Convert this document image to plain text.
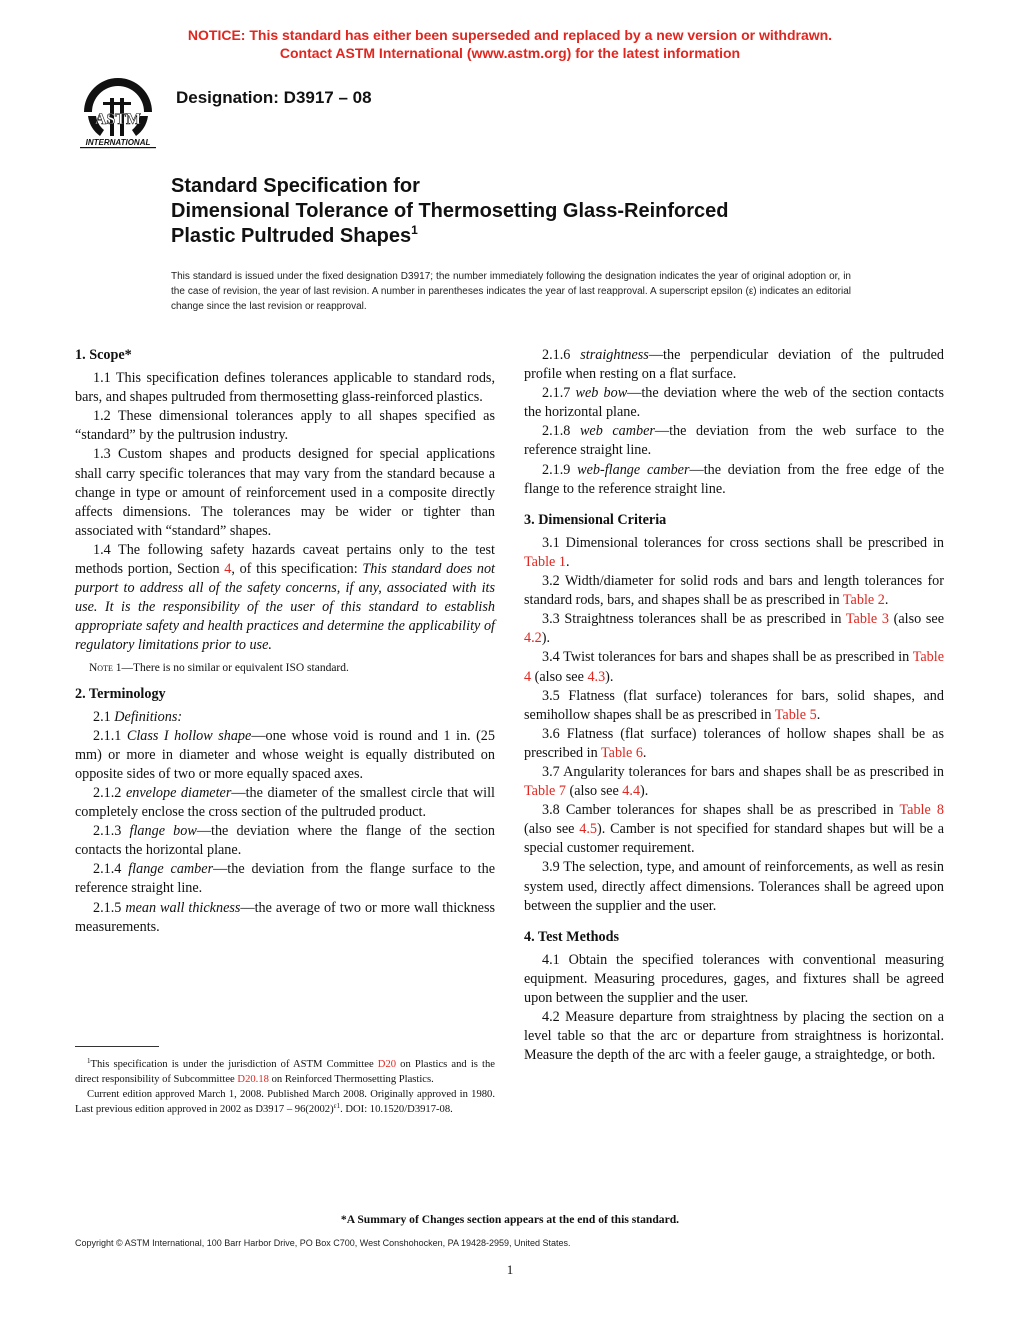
NOTICE: This standard has either been superseded and replaced by a new version or withdrawn.
Contact ASTM International (www.astm.org) for the latest information
ASTM
INTERNATIONAL
Designation: D3917 – 08
Standard Specification for
Dimensional Tolerance of Thermosetting Glass-Reinforced
Plastic Pultruded Shapes$^1$
This standard is issued under the fixed designation D3917; the number immediately following the designation indicates the year of original adoption or, in the case of revision, the year of last revision. A number in parentheses indicates the year of last reapproval. A superscript epsilon (ε) indicates an editorial change since the last revision or reapproval.

1. Scope*

1.1 This specification defines tolerances applicable to standard rods, bars, and shapes pultruded from thermosetting glass-reinforced plastics.

1.2 These dimensional tolerances apply to all shapes specified as “standard” by the pultrusion industry.

1.3 Custom shapes and products designed for special applications shall carry specific tolerances that may vary from the standard because a change in type or amount of reinforcement used in a composite directly affects dimensions. The tolerances may be wider or tighter than associated with “standard” shapes.

1.4 The following safety hazards caveat pertains only to the test methods portion, Section 4, of this specification: This standard does not purport to address all of the safety concerns, if any, associated with its use. It is the responsibility of the user of this standard to establish appropriate safety and health practices and determine the applicability of regulatory limitations prior to use.

Note 1—There is no similar or equivalent ISO standard.

2. Terminology

2.1 Definitions:

2.1.1 Class I hollow shape—one whose void is round and 1 in. (25 mm) or more in diameter and whose weight is equally distributed on opposite sides of two or more equally spaced axes.

2.1.2 envelope diameter—the diameter of the smallest circle that will completely enclose the cross section of the pultruded product.

2.1.3 flange bow—the deviation where the flange of the section contacts the horizontal plane.

2.1.4 flange camber—the deviation from the flange surface to the reference straight line.

2.1.5 mean wall thickness—the average of two or more wall thickness measurements.

2.1.6 straightness—the perpendicular deviation of the pultruded profile when resting on a flat surface.

2.1.7 web bow—the deviation where the web of the section contacts the horizontal plane.

2.1.8 web camber—the deviation from the web surface to the reference straight line.

2.1.9 web-flange camber—the deviation from the free edge of the flange to the reference straight line.

3. Dimensional Criteria

3.1 Dimensional tolerances for cross sections shall be prescribed in Table 1.

3.2 Width/diameter for solid rods and bars and length tolerances for standard rods, bars, and shapes shall be as prescribed in Table 2.

3.3 Straightness tolerances shall be as prescribed in Table 3 (also see 4.2).

3.4 Twist tolerances for bars and shapes shall be as prescribed in Table 4 (also see 4.3).

3.5 Flatness (flat surface) tolerances for bars, solid shapes, and semihollow shapes shall be as prescribed in Table 5.

3.6 Flatness (flat surface) tolerances of hollow shapes shall be as prescribed in Table 6.

3.7 Angularity tolerances for bars and shapes shall be as prescribed in Table 7 (also see 4.4).

3.8 Camber tolerances for shapes shall be as prescribed in Table 8 (also see 4.5). Camber is not specified for standard shapes but will be a special customer requirement.

3.9 The selection, type, and amount of reinforcements, as well as resin system used, directly affect dimensions. Tolerances shall be agreed upon between the supplier and the user.

4. Test Methods

4.1 Obtain the specified tolerances with conventional measuring equipment. Measuring procedures, gages, and fixtures shall be agreed upon between the supplier and the user.

4.2 Measure departure from straightness by placing the section on a level table so that the arc or departure from straightness is horizontal. Measure the depth of the arc with a feeler gauge, a straightedge, or both.

$^1$This specification is under the jurisdiction of ASTM Committee D20 on Plastics and is the direct responsibility of Subcommittee D20.18 on Reinforced Thermosetting Plastics.

Current edition approved March 1, 2008. Published March 2008. Originally approved in 1980. Last previous edition approved in 2002 as $D3917 - 96(2002)^{\varepsilon 1}$. DOI: 10.1520/D3917-08.

*A Summary of Changes section appears at the end of this standard.
Copyright © ASTM International, 100 Barr Harbor Drive, PO Box C700, West Conshohocken, PA 19428-2959, United States.
1
